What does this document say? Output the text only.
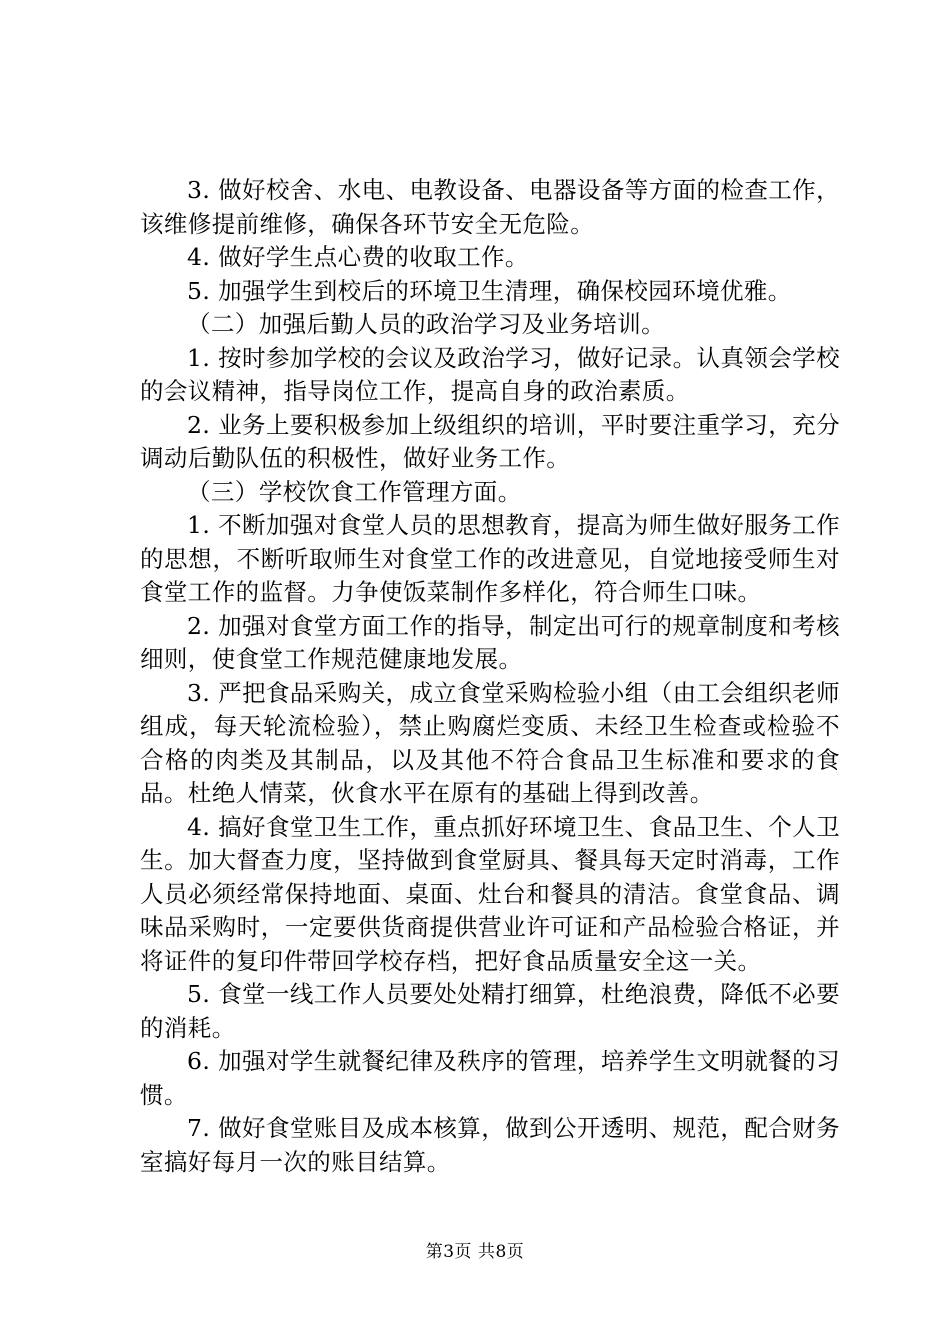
3. 做好校舍、水电、电教设备、电器设备等方面的检查工作，该维修提前维修，确保各环节安全无危险。

4. 做好学生点心费的收取工作。

5. 加强学生到校后的环境卫生清理，确保校园环境优雅。

（二）加强后勤人员的政治学习及业务培训。

1. 按时参加学校的会议及政治学习，做好记录。认真领会学校的会议精神，指导岗位工作，提高自身的政治素质。

2. 业务上要积极参加上级组织的培训，平时要注重学习，充分调动后勤队伍的积极性，做好业务工作。

（三）学校饮食工作管理方面。

1. 不断加强对食堂人员的思想教育，提高为师生做好服务工作的思想，不断听取师生对食堂工作的改进意见，自觉地接受师生对食堂工作的监督。力争使饭菜制作多样化，符合师生口味。

2. 加强对食堂方面工作的指导，制定出可行的规章制度和考核细则，使食堂工作规范健康地发展。

3. 严把食品采购关，成立食堂采购检验小组（由工会组织老师组成，每天轮流检验），禁止购腐烂变质、未经卫生检查或检验不合格的肉类及其制品，以及其他不符合食品卫生标准和要求的食品。杜绝人情菜，伙食水平在原有的基础上得到改善。

4. 搞好食堂卫生工作，重点抓好环境卫生、食品卫生、个人卫生。加大督查力度，坚持做到食堂厨具、餐具每天定时消毒，工作人员必须经常保持地面、桌面、灶台和餐具的清洁。食堂食品、调味品采购时，一定要供货商提供营业许可证和产品检验合格证，并将证件的复印件带回学校存档，把好食品质量安全这一关。

5. 食堂一线工作人员要处处精打细算，杜绝浪费，降低不必要的消耗。

6. 加强对学生就餐纪律及秩序的管理，培养学生文明就餐的习惯。

7. 做好食堂账目及成本核算，做到公开透明、规范，配合财务室搞好每月一次的账目结算。

第3页 共8页
